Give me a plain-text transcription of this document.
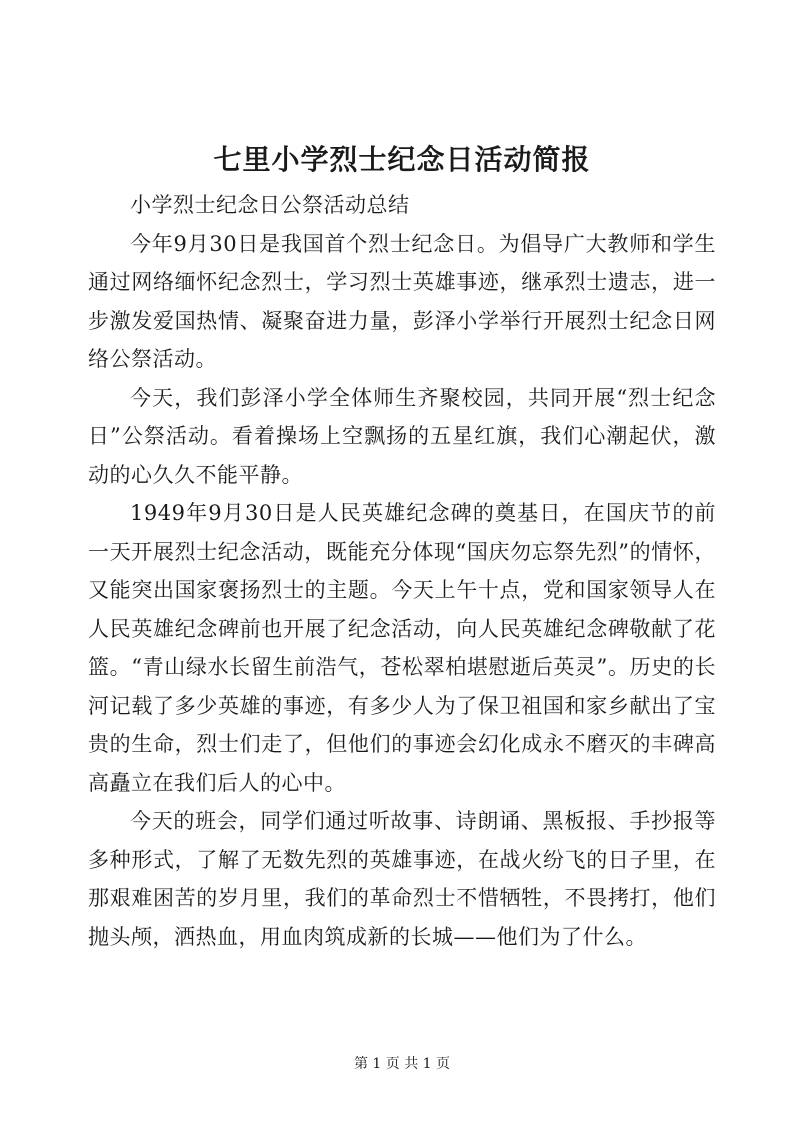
七里小学烈士纪念日活动简报

小学烈士纪念日公祭活动总结

今年9月30日是我国首个烈士纪念日。为倡导广大教师和学生通过网络缅怀纪念烈士，学习烈士英雄事迹，继承烈士遗志，进一步激发爱国热情、凝聚奋进力量，彭泽小学举行开展烈士纪念日网络公祭活动。

今天，我们彭泽小学全体师生齐聚校园，共同开展“烈士纪念日”公祭活动。看着操场上空飘扬的五星红旗，我们心潮起伏，激动的心久久不能平静。

1949年9月30日是人民英雄纪念碑的奠基日，在国庆节的前一天开展烈士纪念活动，既能充分体现“国庆勿忘祭先烈”的情怀，又能突出国家褒扬烈士的主题。今天上午十点，党和国家领导人在人民英雄纪念碑前也开展了纪念活动，向人民英雄纪念碑敬献了花篮。“青山绿水长留生前浩气，苍松翠柏堪慰逝后英灵”。历史的长河记载了多少英雄的事迹，有多少人为了保卫祖国和家乡献出了宝贵的生命，烈士们走了，但他们的事迹会幻化成永不磨灭的丰碑高高矗立在我们后人的心中。

今天的班会，同学们通过听故事、诗朗诵、黑板报、手抄报等多种形式，了解了无数先烈的英雄事迹，在战火纷飞的日子里，在那艰难困苦的岁月里，我们的革命烈士不惜牺牲，不畏拷打，他们抛头颅，洒热血，用血肉筑成新的长城——他们为了什么。

第 1 页 共 1 页
